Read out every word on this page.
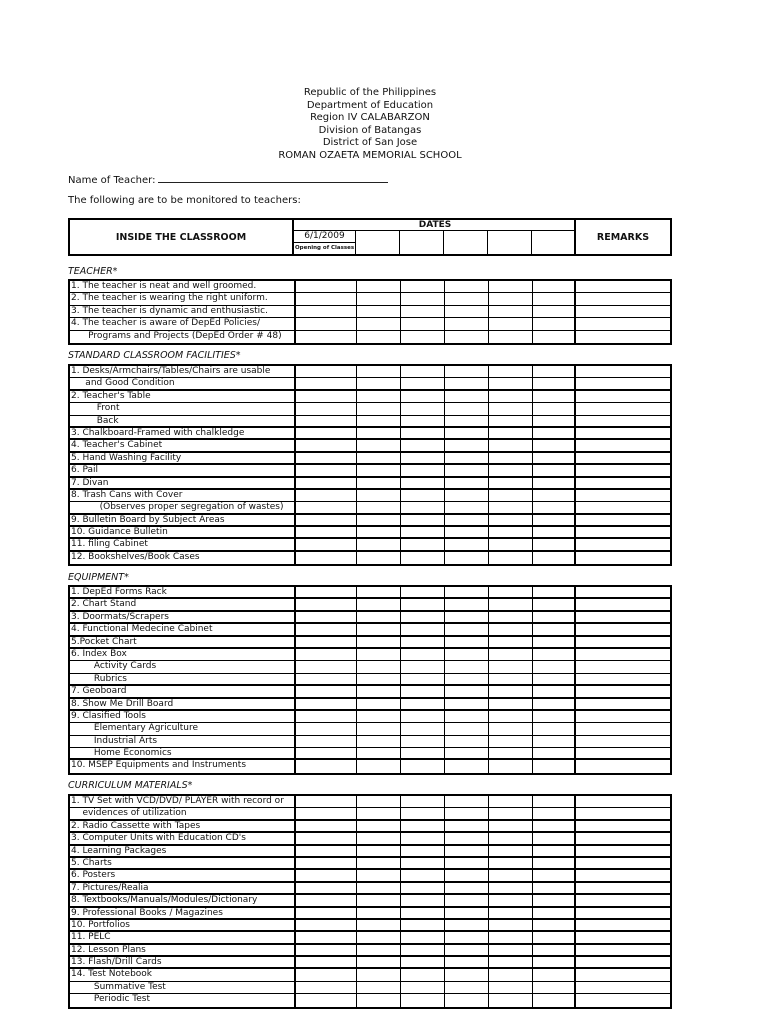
Republic of the Philippines
Department of Education
Region IV CALABARZON
Division of Batangas
District of San Jose
ROMAN OZAETA MEMORIAL SCHOOL
Name of Teacher:
The following are to be monitored to teachers:
INSIDE THE CLASSROOM
DATES
6/1/2009
Opening of Classes
REMARKS
TEACHER*
1. The teacher is neat and well groomed.
2. The teacher is wearing the right uniform.
3. The teacher is dynamic and enthusiastic.
4. The teacher is aware of DepEd Policies/
Programs and Projects (DepEd Order # 48)
STANDARD CLASSROOM FACILITIES*
1. Desks/Armchairs/Tables/Chairs are usable
and Good Condition
2. Teacher's Table
Front
Back
3. Chalkboard-Framed with chalkledge
4. Teacher's Cabinet
5. Hand Washing Facility
6. Pail
7. Divan
8. Trash Cans with Cover
(Observes proper segregation of wastes)
9. Bulletin Board by Subject Areas
10. Guidance Bulletin
11. filing Cabinet
12. Bookshelves/Book Cases
EQUIPMENT*
1. DepEd Forms Rack
2. Chart Stand
3. Doormats/Scrapers
4. Functional Medecine Cabinet
5.Pocket Chart
6. Index Box
Activity Cards
Rubrics
7. Geoboard
8. Show Me Drill Board
9. Clasified Tools
Elementary Agriculture
Industrial Arts
Home Economics
10. MSEP Equipments and Instruments
CURRICULUM MATERIALS*
1. TV Set with VCD/DVD/ PLAYER with record or
evidences of utilization
2. Radio Cassette with Tapes
3. Computer Units with Education CD's
4. Learning Packages
5. Charts
6. Posters
7. Pictures/Realia
8. Textbooks/Manuals/Modules/Dictionary
9. Professional Books / Magazines
10. Portfolios
11. PELC
12. Lesson Plans
13. Flash/Drill Cards
14. Test Notebook
Summative Test
Periodic Test
